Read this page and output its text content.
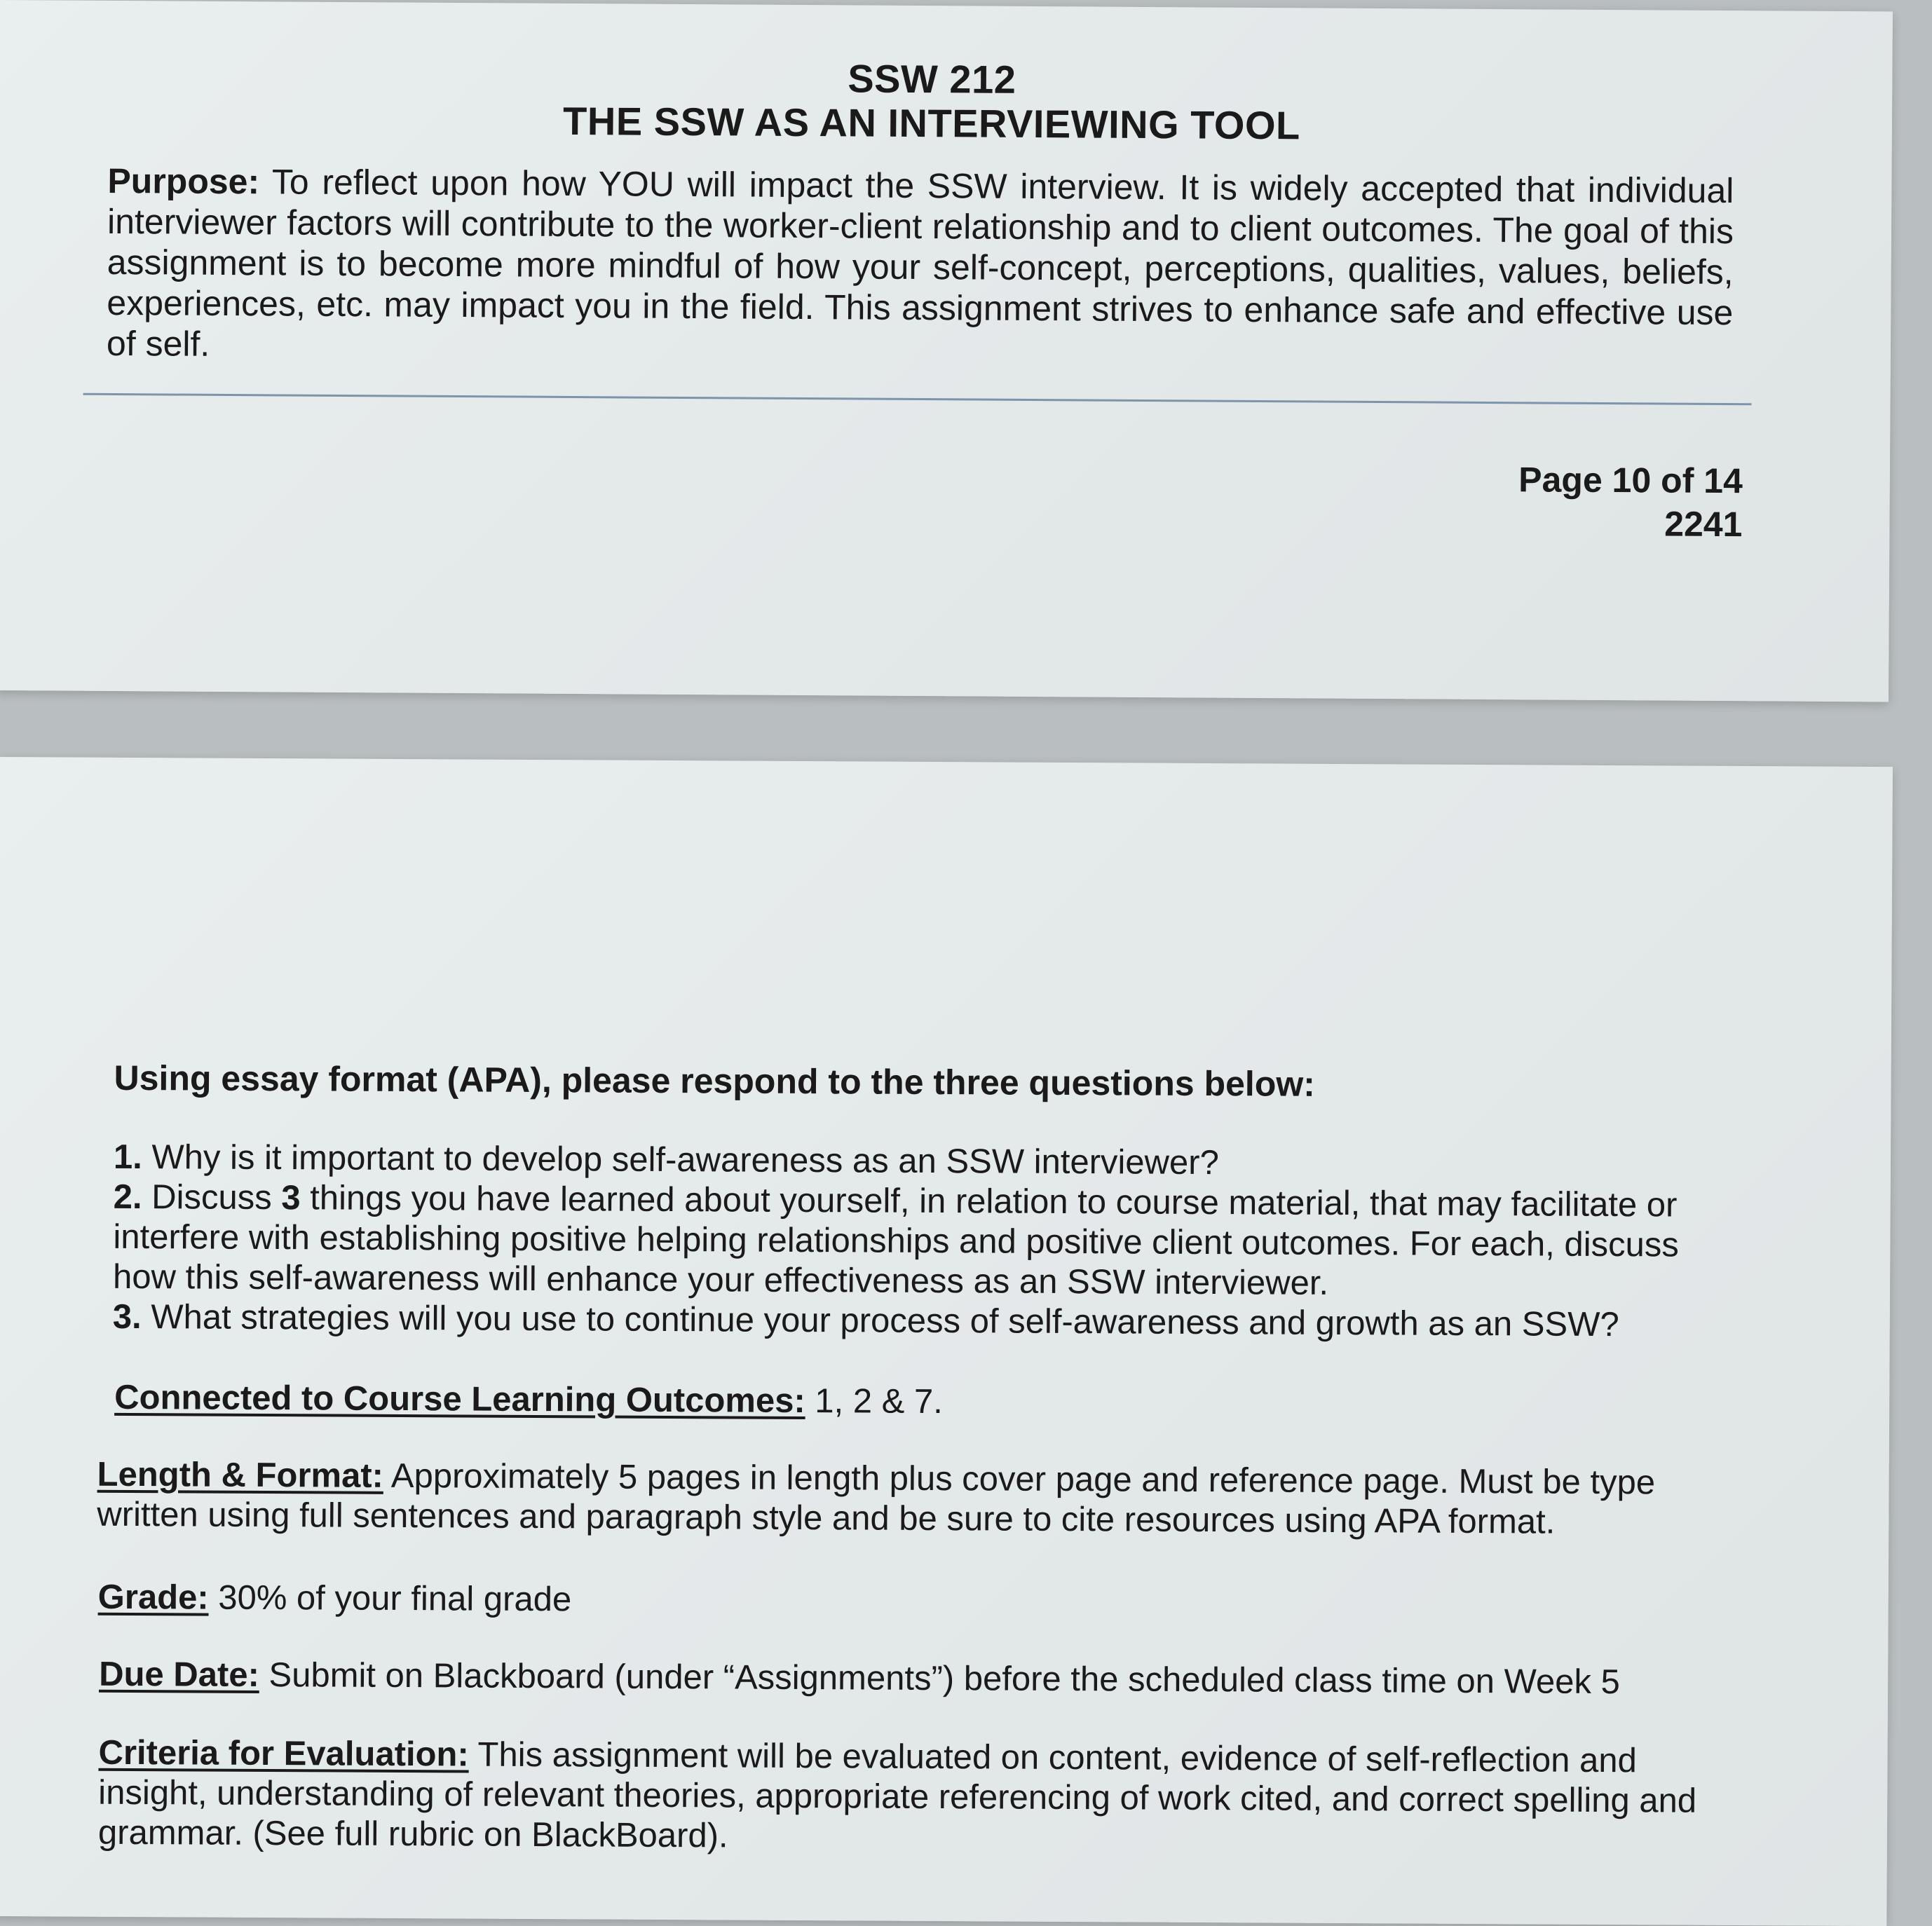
SSW 212
THE SSW AS AN INTERVIEWING TOOL
Purpose: To reflect upon how YOU will impact the SSW interview. It is widely accepted that individual interviewer factors will contribute to the worker-client relationship and to client outcomes. The goal of this assignment is to become more mindful of how your self-concept, perceptions, qualities, values, beliefs, experiences, etc. may impact you in the field. This assignment strives to enhance safe and effective use of self.
Page 10 of 14
2241
Using essay format (APA), please respond to the three questions below:
1. Why is it important to develop self-awareness as an SSW interviewer?
2. Discuss 3 things you have learned about yourself, in relation to course material, that may facilitate or interfere with establishing positive helping relationships and positive client outcomes. For each, discuss how this self-awareness will enhance your effectiveness as an SSW interviewer.
3. What strategies will you use to continue your process of self-awareness and growth as an SSW?
Connected to Course Learning Outcomes: 1, 2 & 7.
Length & Format: Approximately 5 pages in length plus cover page and reference page. Must be type written using full sentences and paragraph style and be sure to cite resources using APA format.
Grade: 30% of your final grade
Due Date: Submit on Blackboard (under “Assignments”) before the scheduled class time on Week 5
Criteria for Evaluation: This assignment will be evaluated on content, evidence of self-reflection and insight, understanding of relevant theories, appropriate referencing of work cited, and correct spelling and grammar. (See full rubric on BlackBoard).
